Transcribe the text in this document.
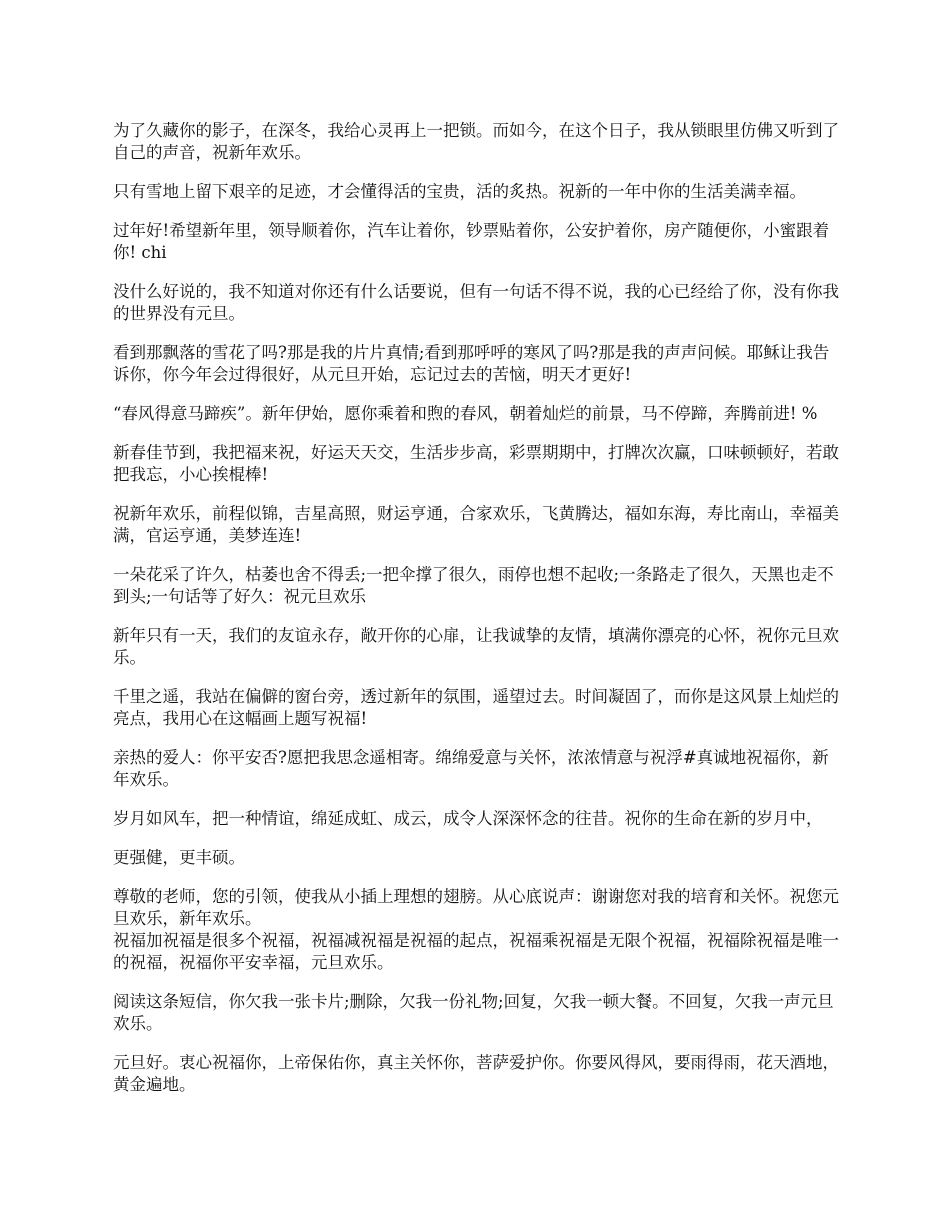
为了久藏你的影子，在深冬，我给心灵再上一把锁。而如今，在这个日子，我从锁眼里仿佛又听到了自己的声音，祝新年欢乐。

只有雪地上留下艰辛的足迹，才会懂得活的宝贵，活的炙热。祝新的一年中你的生活美满幸福。

过年好!希望新年里，领导顺着你，汽车让着你，钞票贴着你，公安护着你，房产随便你，小蜜跟着你! chi

没什么好说的，我不知道对你还有什么话要说，但有一句话不得不说，我的心已经给了你，没有你我的世界没有元旦。

看到那飘落的雪花了吗?那是我的片片真情;看到那呼呼的寒风了吗?那是我的声声问候。耶稣让我告诉你，你今年会过得很好，从元旦开始，忘记过去的苦恼，明天才更好!

“春风得意马蹄疾”。新年伊始，愿你乘着和煦的春风，朝着灿烂的前景，马不停蹄，奔腾前进! %

新春佳节到，我把福来祝，好运天天交，生活步步高，彩票期期中，打牌次次赢，口味顿顿好，若敢把我忘，小心挨棍棒!

祝新年欢乐，前程似锦，吉星高照，财运亨通，合家欢乐，飞黄腾达，福如东海，寿比南山，幸福美满，官运亨通，美梦连连!

一朵花采了许久，枯萎也舍不得丢;一把伞撑了很久，雨停也想不起收;一条路走了很久，天黑也走不到头;一句话等了好久：祝元旦欢乐

新年只有一天，我们的友谊永存，敞开你的心扉，让我诚挚的友情，填满你漂亮的心怀，祝你元旦欢乐。

千里之遥，我站在偏僻的窗台旁，透过新年的氛围，遥望过去。时间凝固了，而你是这风景上灿烂的亮点，我用心在这幅画上题写祝福!

亲热的爱人：你平安否?愿把我思念遥相寄。绵绵爱意与关怀，浓浓情意与祝浮#真诚地祝福你，新年欢乐。

岁月如风车，把一种情谊，绵延成虹、成云，成令人深深怀念的往昔。祝你的生命在新的岁月中，

更强健，更丰硕。

尊敬的老师，您的引领，使我从小插上理想的翅膀。从心底说声：谢谢您对我的培育和关怀。祝您元旦欢乐，新年欢乐。

祝福加祝福是很多个祝福，祝福减祝福是祝福的起点，祝福乘祝福是无限个祝福，祝福除祝福是唯一的祝福，祝福你平安幸福，元旦欢乐。

阅读这条短信，你欠我一张卡片;删除，欠我一份礼物;回复，欠我一顿大餐。不回复，欠我一声元旦欢乐。

元旦好。衷心祝福你，上帝保佑你，真主关怀你，菩萨爱护你。你要风得风，要雨得雨，花天酒地，黄金遍地。
